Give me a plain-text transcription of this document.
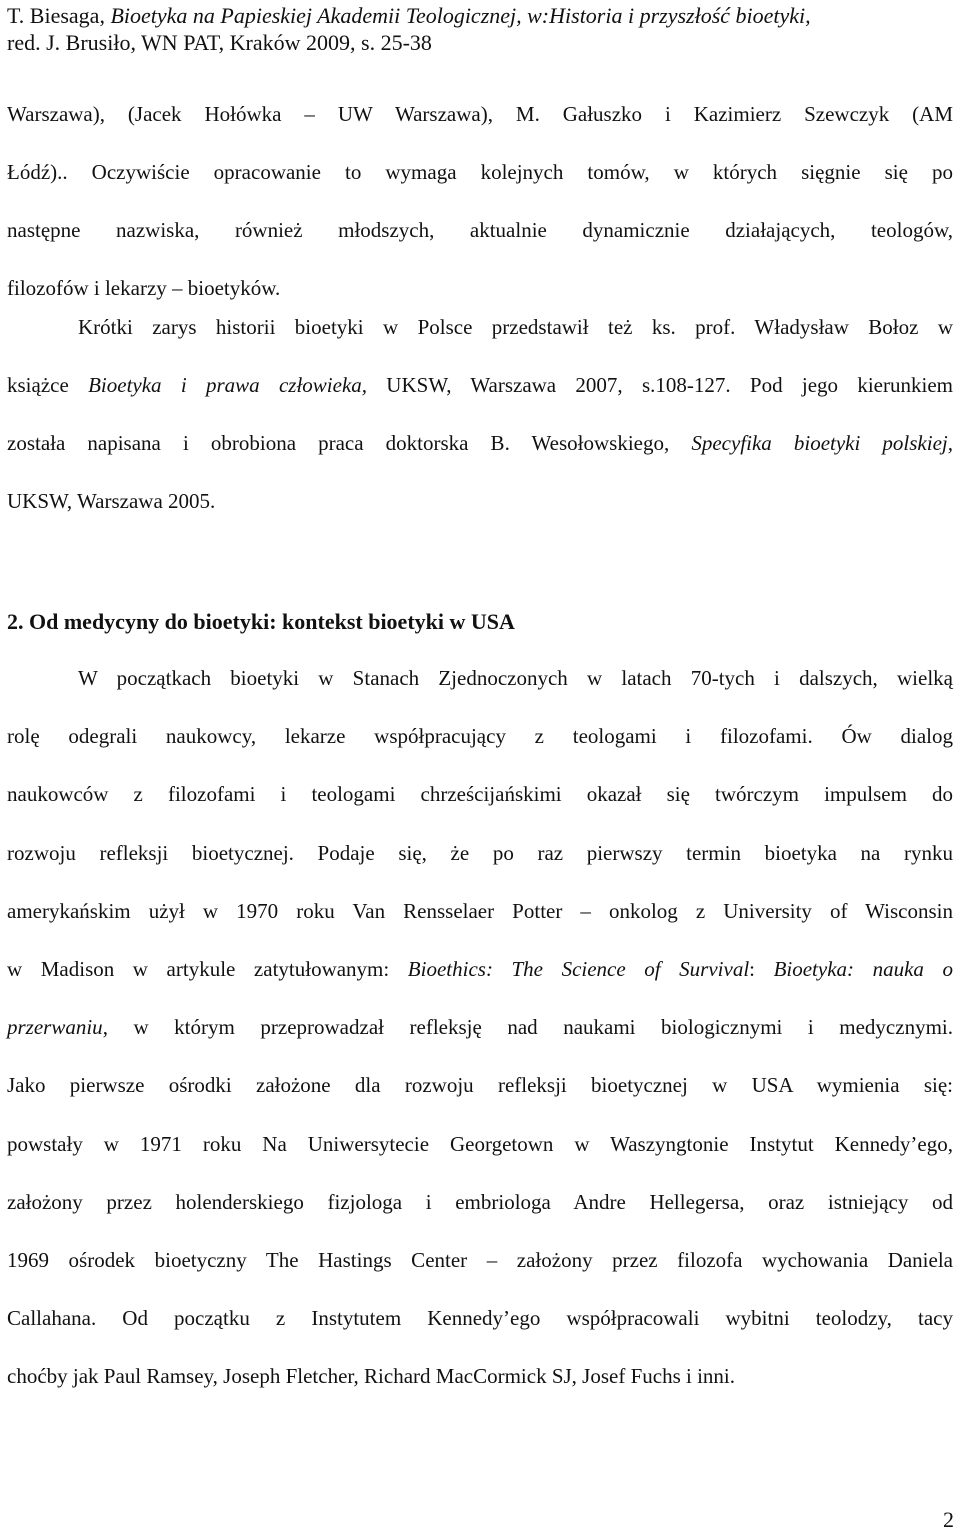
T. Biesaga, Bioetyka na Papieskiej Akademii Teologicznej, w:Historia i przyszłość bioetyki,
red. J. Brusiło, WN PAT, Kraków 2009, s. 25-38
Warszawa), (Jacek Hołówka – UW Warszawa), M. Gałuszko i Kazimierz Szewczyk (AM
Łódź).. Oczywiście opracowanie to wymaga kolejnych tomów, w których sięgnie się po
następne nazwiska, również młodszych, aktualnie dynamicznie działających, teologów,
filozofów i lekarzy – bioetyków.
Krótki zarys historii bioetyki w Polsce przedstawił też ks. prof. Władysław Bołoz w
książce Bioetyka i prawa człowieka, UKSW, Warszawa 2007, s.108-127. Pod jego kierunkiem
została napisana i obrobiona praca doktorska B. Wesołowskiego, Specyfika bioetyki polskiej,
UKSW, Warszawa 2005.
2. Od medycyny do bioetyki: kontekst bioetyki w USA
W początkach bioetyki w Stanach Zjednoczonych w latach 70-tych i dalszych, wielką
rolę odegrali naukowcy, lekarze współpracujący z teologami i filozofami. Ów dialog
naukowców z filozofami i teologami chrześcijańskimi okazał się twórczym impulsem do
rozwoju refleksji bioetycznej. Podaje się, że po raz pierwszy termin bioetyka na rynku
amerykańskim użył w 1970 roku Van Rensselaer Potter – onkolog z University of Wisconsin
w Madison w artykule zatytułowanym: Bioethics: The Science of Survival: Bioetyka: nauka o
przerwaniu, w którym przeprowadzał refleksję nad naukami biologicznymi i medycznymi.
Jako pierwsze ośrodki założone dla rozwoju refleksji bioetycznej w USA wymienia się:
powstały w 1971 roku Na Uniwersytecie Georgetown w Waszyngtonie Instytut Kennedy’ego,
założony przez holenderskiego fizjologa i embriologa Andre Hellegersa, oraz istniejący od
1969 ośrodek bioetyczny The Hastings Center – założony przez filozofa wychowania Daniela
Callahana. Od początku z Instytutem Kennedy’ego współpracowali wybitni teolodzy, tacy
choćby jak Paul Ramsey, Joseph Fletcher, Richard MacCormick SJ, Josef Fuchs i inni.
2
